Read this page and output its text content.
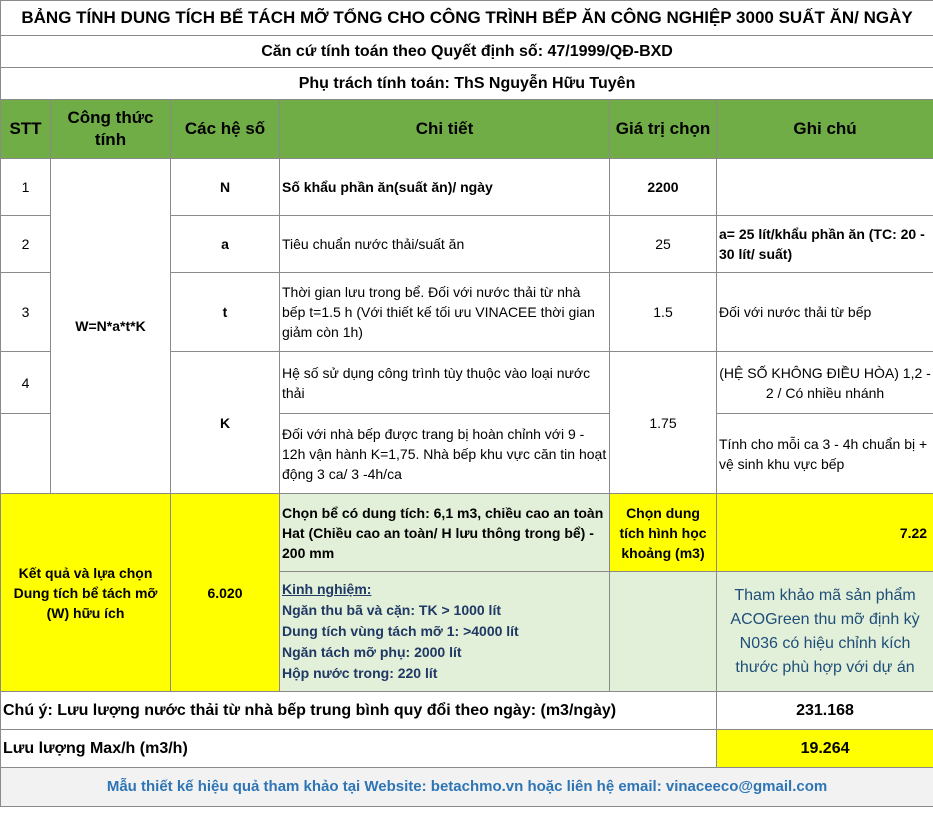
BẢNG TÍNH DUNG TÍCH BỂ TÁCH MỠ TỔNG CHO CÔNG TRÌNH BẾP ĂN CÔNG NGHIỆP 3000 SUẤT ĂN/ NGÀY					
Căn cứ tính toán theo Quyết định số: 47/1999/QĐ-BXD					
Phụ trách tính toán: ThS Nguyễn Hữu Tuyên					
STT	Công thức tính	Các hệ số	Chi tiết	Giá trị chọn	Ghi chú
1	W=N*a*t*K	N	Số khẩu phần ăn(suất ăn)/ ngày	2200	
2		a	Tiêu chuẩn nước thải/suất ăn	25	a= 25 lít/khẩu phần ăn (TC: 20 - 30 lít/ suất)
3		t	Thời gian lưu trong bể. Đối với nước thải từ nhà bếp t=1.5 h (Với thiết kế tối ưu VINACEE thời gian giảm còn 1h)	1.5	Đối với nước thải từ bếp
4		K	Hệ số sử dụng công trình tùy thuộc vào loại nước thải	1.75	(HỆ SỐ KHÔNG ĐIỀU HÒA) 1,2 - 2 / Có nhiều nhánh
			Đối với nhà bếp được trang bị hoàn chỉnh với 9 - 12h vận hành K=1,75. Nhà bếp khu vực căn tin hoạt động 3 ca/ 3 -4h/ca		Tính cho mỗi ca 3 - 4h chuẩn bị + vệ sinh khu vực bếp
Kết quả và lựa chọn Dung tích bể tách mỡ (W) hữu ích		6.020	Chọn bể có dung tích: 6,1 m3, chiều cao an toàn Hat (Chiều cao an toàn/ H lưu thông trong bể) - 200 mm	Chọn dung tích hình học khoảng (m3)	7.22

			Kinh nghiệm:
Ngăn thu bã và cặn: TK > 1000 lít
Dung tích vùng tách mỡ 1: >4000 lít
Ngăn tách mỡ phụ: 2000 lít
Hộp nước trong: 220 lít		Tham khảo mã sản phẩm ACOGreen thu mỡ định kỳ N036 có hiệu chỉnh kích thước phù hợp với dự án
Chú ý: Lưu lượng nước thải từ nhà bếp trung bình quy đổi theo ngày: (m3/ngày)					231.168
Lưu lượng Max/h (m3/h)					19.264
Mẫu thiết kế hiệu quả tham khảo tại Website: betachmo.vn hoặc liên hệ email: vinaceeco@gmail.com					
